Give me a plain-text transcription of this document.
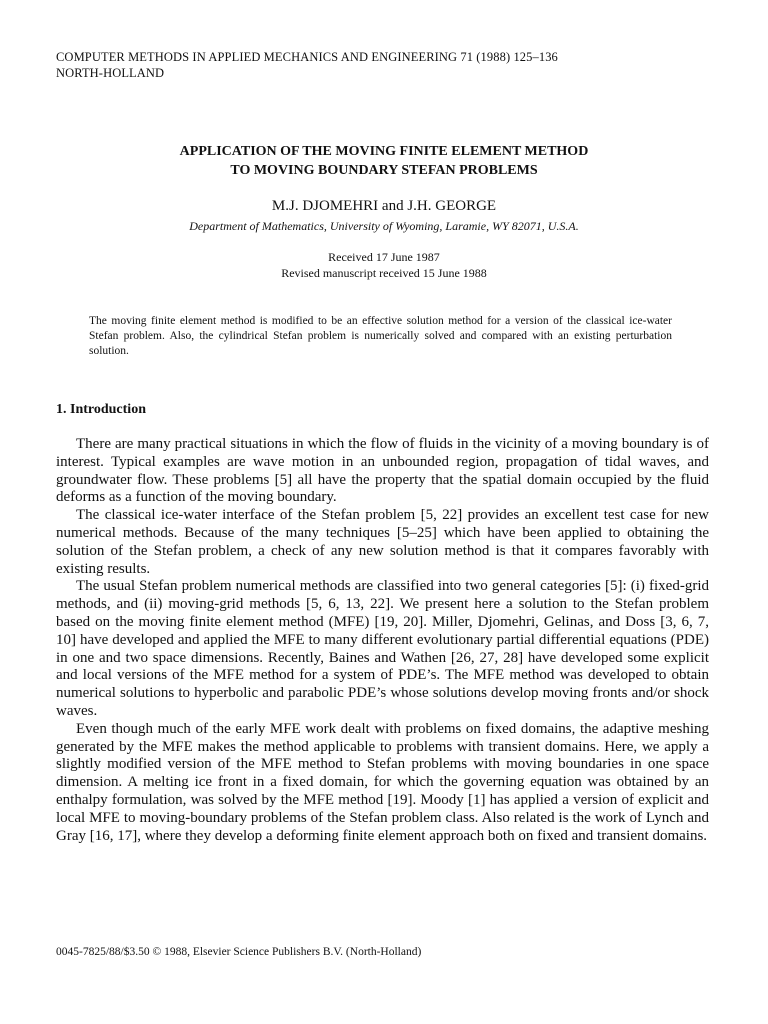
COMPUTER METHODS IN APPLIED MECHANICS AND ENGINEERING 71 (1988) 125–136
NORTH-HOLLAND
APPLICATION OF THE MOVING FINITE ELEMENT METHOD
TO MOVING BOUNDARY STEFAN PROBLEMS
M.J. DJOMEHRI and J.H. GEORGE
Department of Mathematics, University of Wyoming, Laramie, WY 82071, U.S.A.
Received 17 June 1987
Revised manuscript received 15 June 1988
The moving finite element method is modified to be an effective solution method for a version of the classical ice-water Stefan problem. Also, the cylindrical Stefan problem is numerically solved and compared with an existing perturbation solution.
1. Introduction

There are many practical situations in which the flow of fluids in the vicinity of a moving boundary is of interest. Typical examples are wave motion in an unbounded region, propagation of tidal waves, and groundwater flow. These problems [5] all have the property that the spatial domain occupied by the fluid deforms as a function of the moving boundary.

The classical ice-water interface of the Stefan problem [5, 22] provides an excellent test case for new numerical methods. Because of the many techniques [5–25] which have been applied to obtaining the solution of the Stefan problem, a check of any new solution method is that it compares favorably with existing results.

The usual Stefan problem numerical methods are classified into two general categories [5]: (i) fixed-grid methods, and (ii) moving-grid methods [5, 6, 13, 22]. We present here a solution to the Stefan problem based on the moving finite element method (MFE) [19, 20]. Miller, Djomehri, Gelinas, and Doss [3, 6, 7, 10] have developed and applied the MFE to many different evolutionary partial differential equations (PDE) in one and two space dimensions. Recently, Baines and Wathen [26, 27, 28] have developed some explicit and local versions of the MFE method for a system of PDE’s. The MFE method was developed to obtain numerical solutions to hyperbolic and parabolic PDE’s whose solutions develop moving fronts and/or shock waves.

Even though much of the early MFE work dealt with problems on fixed domains, the adaptive meshing generated by the MFE makes the method applicable to problems with transient domains. Here, we apply a slightly modified version of the MFE method to Stefan problems with moving boundaries in one space dimension. A melting ice front in a fixed domain, for which the governing equation was obtained by an enthalpy formulation, was solved by the MFE method [19]. Moody [1] has applied a version of explicit and local MFE to moving-boundary problems of the Stefan problem class. Also related is the work of Lynch and Gray [16, 17], where they develop a deforming finite element approach both on fixed and transient domains.

0045-7825/88/$3.50 © 1988, Elsevier Science Publishers B.V. (North-Holland)
